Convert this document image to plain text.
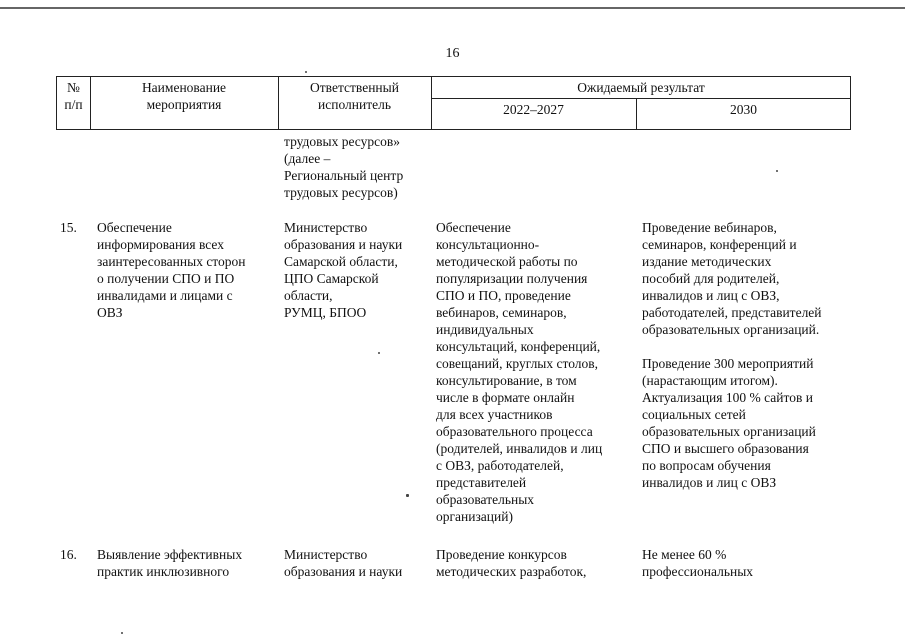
16
№
п/п
Наименование
мероприятия
Ответственный
исполнитель
Ожидаемый результат
2022–2027	2030
трудовых ресурсов»
(далее –
Региональный центр
трудовых ресурсов)
15. Обеспечение
информирования всех
заинтересованных сторон
о получении СПО и ПО
инвалидами и лицами с
ОВЗ
Министерство
образования и науки
Самарской области,
ЦПО Самарской
области,
РУМЦ, БПОО
Обеспечение
консультационно-
методической работы по
популяризации получения
СПО и ПО, проведение
вебинаров, семинаров,
индивидуальных
консультаций, конференций,
совещаний, круглых столов,
консультирование, в том
числе в формате онлайн
для всех участников
образовательного процесса
(родителей, инвалидов и лиц
с ОВЗ, работодателей,
представителей
образовательных
организаций)
Проведение вебинаров,
семинаров, конференций и
издание методических
пособий для родителей,
инвалидов и лиц с ОВЗ,
работодателей, представителей
образовательных организаций.

Проведение 300 мероприятий
(нарастающим итогом).
Актуализация 100 % сайтов и
социальных сетей
образовательных организаций
СПО и высшего образования
по вопросам обучения
инвалидов и лиц с ОВЗ
16. Выявление эффективных
практик инклюзивного
Министерство
образования и науки
Проведение конкурсов
методических разработок,
Не менее 60 %
профессиональных
